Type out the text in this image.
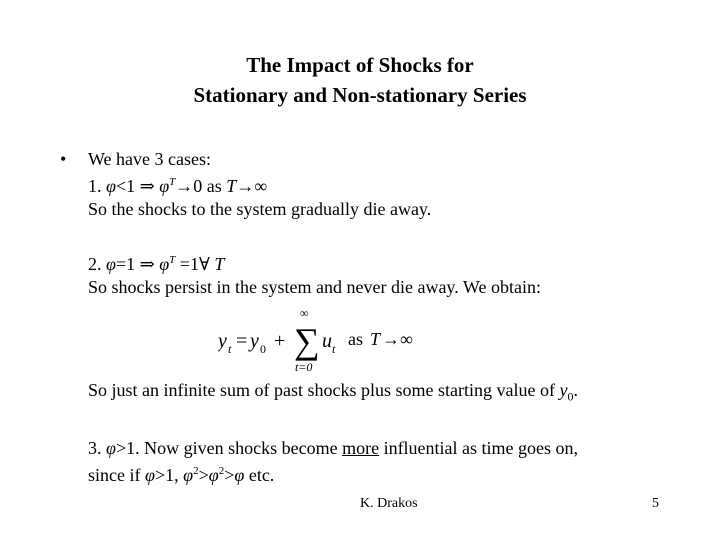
The Impact of Shocks for
Stationary and Non-stationary Series
• We have 3 cases:
1. φ<1 ⇒ $\varphi^T\to 0$ as T→∞
So the shocks to the system gradually die away.
2. φ=1 ⇒ $\varphi^T$ =1∀ T
So shocks persist in the system and never die away. We obtain:
y t = y 0 +
∞
∑
t=0
u t as T →∞
So just an infinite sum of past shocks plus some starting value of $y_0$.
3. φ>1. Now given shocks become more influential as time goes on,
since if φ>1, $\varphi^2>\varphi^2>\varphi$ etc.
K. Drakos	5
